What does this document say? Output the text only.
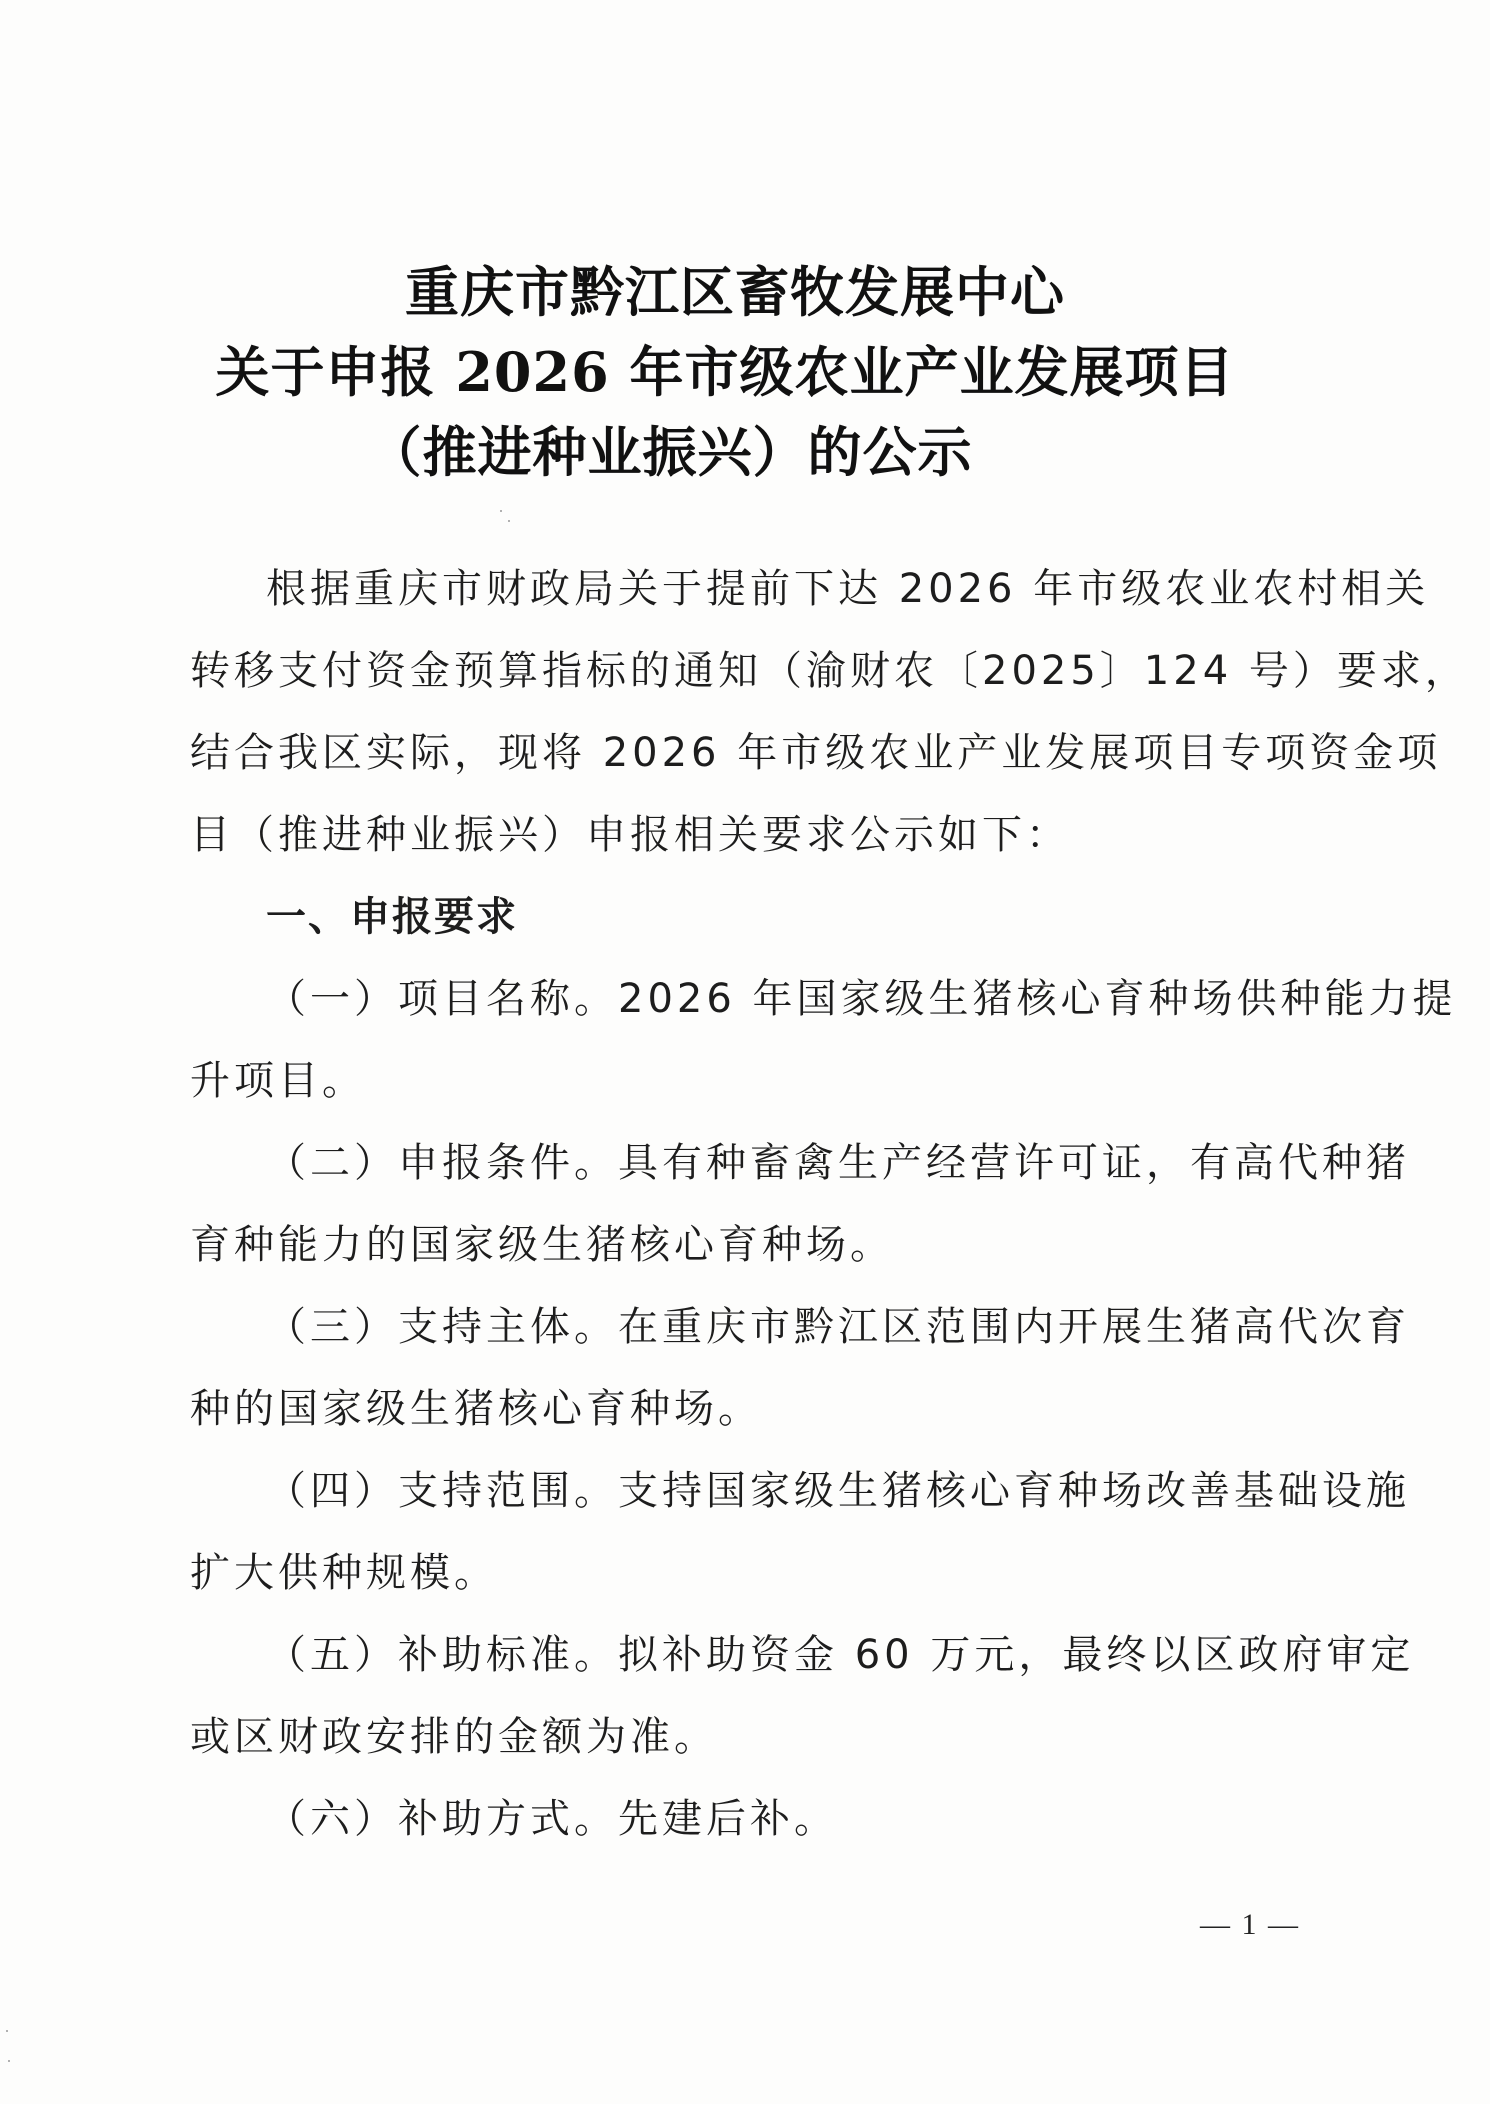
重庆市黔江区畜牧发展中心
关于申报 2026 年市级农业产业发展项目
（推进种业振兴）的公示

根据重庆市财政局关于提前下达 2026 年市级农业农村相关

转移支付资金预算指标的通知（渝财农〔2025〕124 号）要求，

结合我区实际，现将 2026 年市级农业产业发展项目专项资金项

目（推进种业振兴）申报相关要求公示如下：

一、申报要求

（一）项目名称。2026 年国家级生猪核心育种场供种能力提

升项目。

（二）申报条件。具有种畜禽生产经营许可证，有高代种猪

育种能力的国家级生猪核心育种场。

（三）支持主体。在重庆市黔江区范围内开展生猪高代次育

种的国家级生猪核心育种场。

（四）支持范围。支持国家级生猪核心育种场改善基础设施

扩大供种规模。

（五）补助标准。拟补助资金 60 万元，最终以区政府审定

或区财政安排的金额为准。

（六）补助方式。先建后补。

— 1 —
